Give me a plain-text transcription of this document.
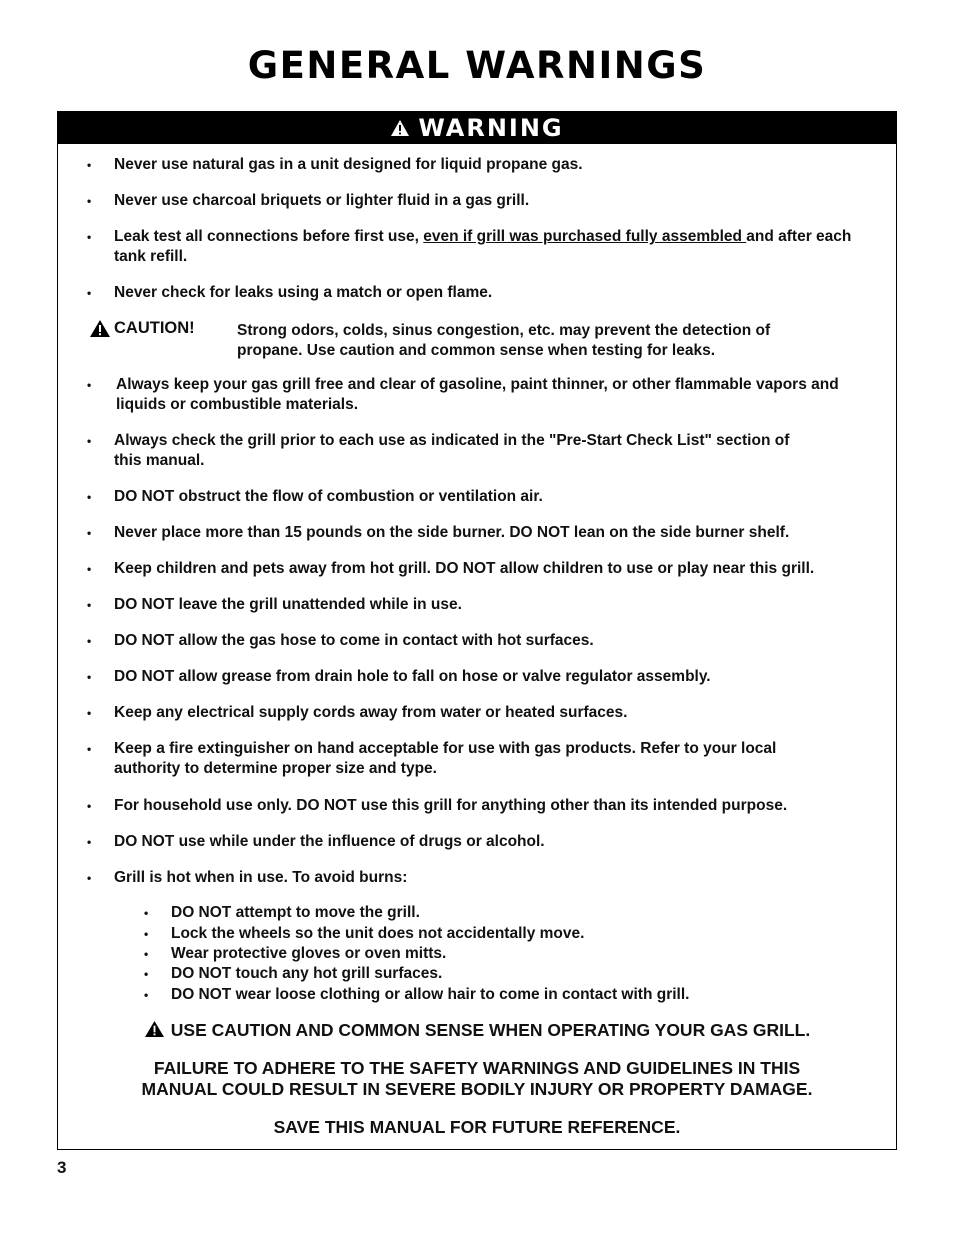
GENERAL WARNINGS
WARNING
• Never use natural gas in a unit designed for liquid propane gas.
• Never use charcoal briquets or lighter fluid in a gas grill.
• Leak test all connections before first use, even if grill was purchased fully assembled and after each tank refill.
• Never check for leaks using a match or open flame.
CAUTION!	Strong odors, colds, sinus congestion, etc. may prevent the detection of propane. Use caution and common sense when testing for leaks.
• Always keep your gas grill free and clear of gasoline, paint thinner, or other flammable vapors and liquids or combustible materials.
• Always check the grill prior to each use as indicated in the "Pre-Start Check List" section of this manual.
• DO NOT obstruct the flow of combustion or ventilation air.
• Never place more than 15 pounds on the side burner. DO NOT lean on the side burner shelf.
• Keep children and pets away from hot grill. DO NOT allow children to use or play near this grill.
• DO NOT leave the grill unattended while in use.
• DO NOT allow the gas hose to come in contact with hot surfaces.
• DO NOT allow grease from drain hole to fall on hose or valve regulator assembly.
• Keep any electrical supply cords away from water or heated surfaces.
• Keep a fire extinguisher on hand acceptable for use with gas products. Refer to your local authority to determine proper size and type.
• For household use only. DO NOT use this grill for anything other than its intended purpose.
• DO NOT use while under the influence of drugs or alcohol.
• Grill is hot when in use. To avoid burns:
• DO NOT attempt to move the grill.
• Lock the wheels so the unit does not accidentally move.
• Wear protective gloves or oven mitts.
• DO NOT touch any hot grill surfaces.
• DO NOT wear loose clothing or allow hair to come in contact with grill.
USE CAUTION AND COMMON SENSE WHEN OPERATING YOUR GAS GRILL.
FAILURE TO ADHERE TO THE SAFETY WARNINGS AND GUIDELINES IN THIS
MANUAL COULD RESULT IN SEVERE BODILY INJURY OR PROPERTY DAMAGE.
SAVE THIS MANUAL FOR FUTURE REFERENCE.
3
